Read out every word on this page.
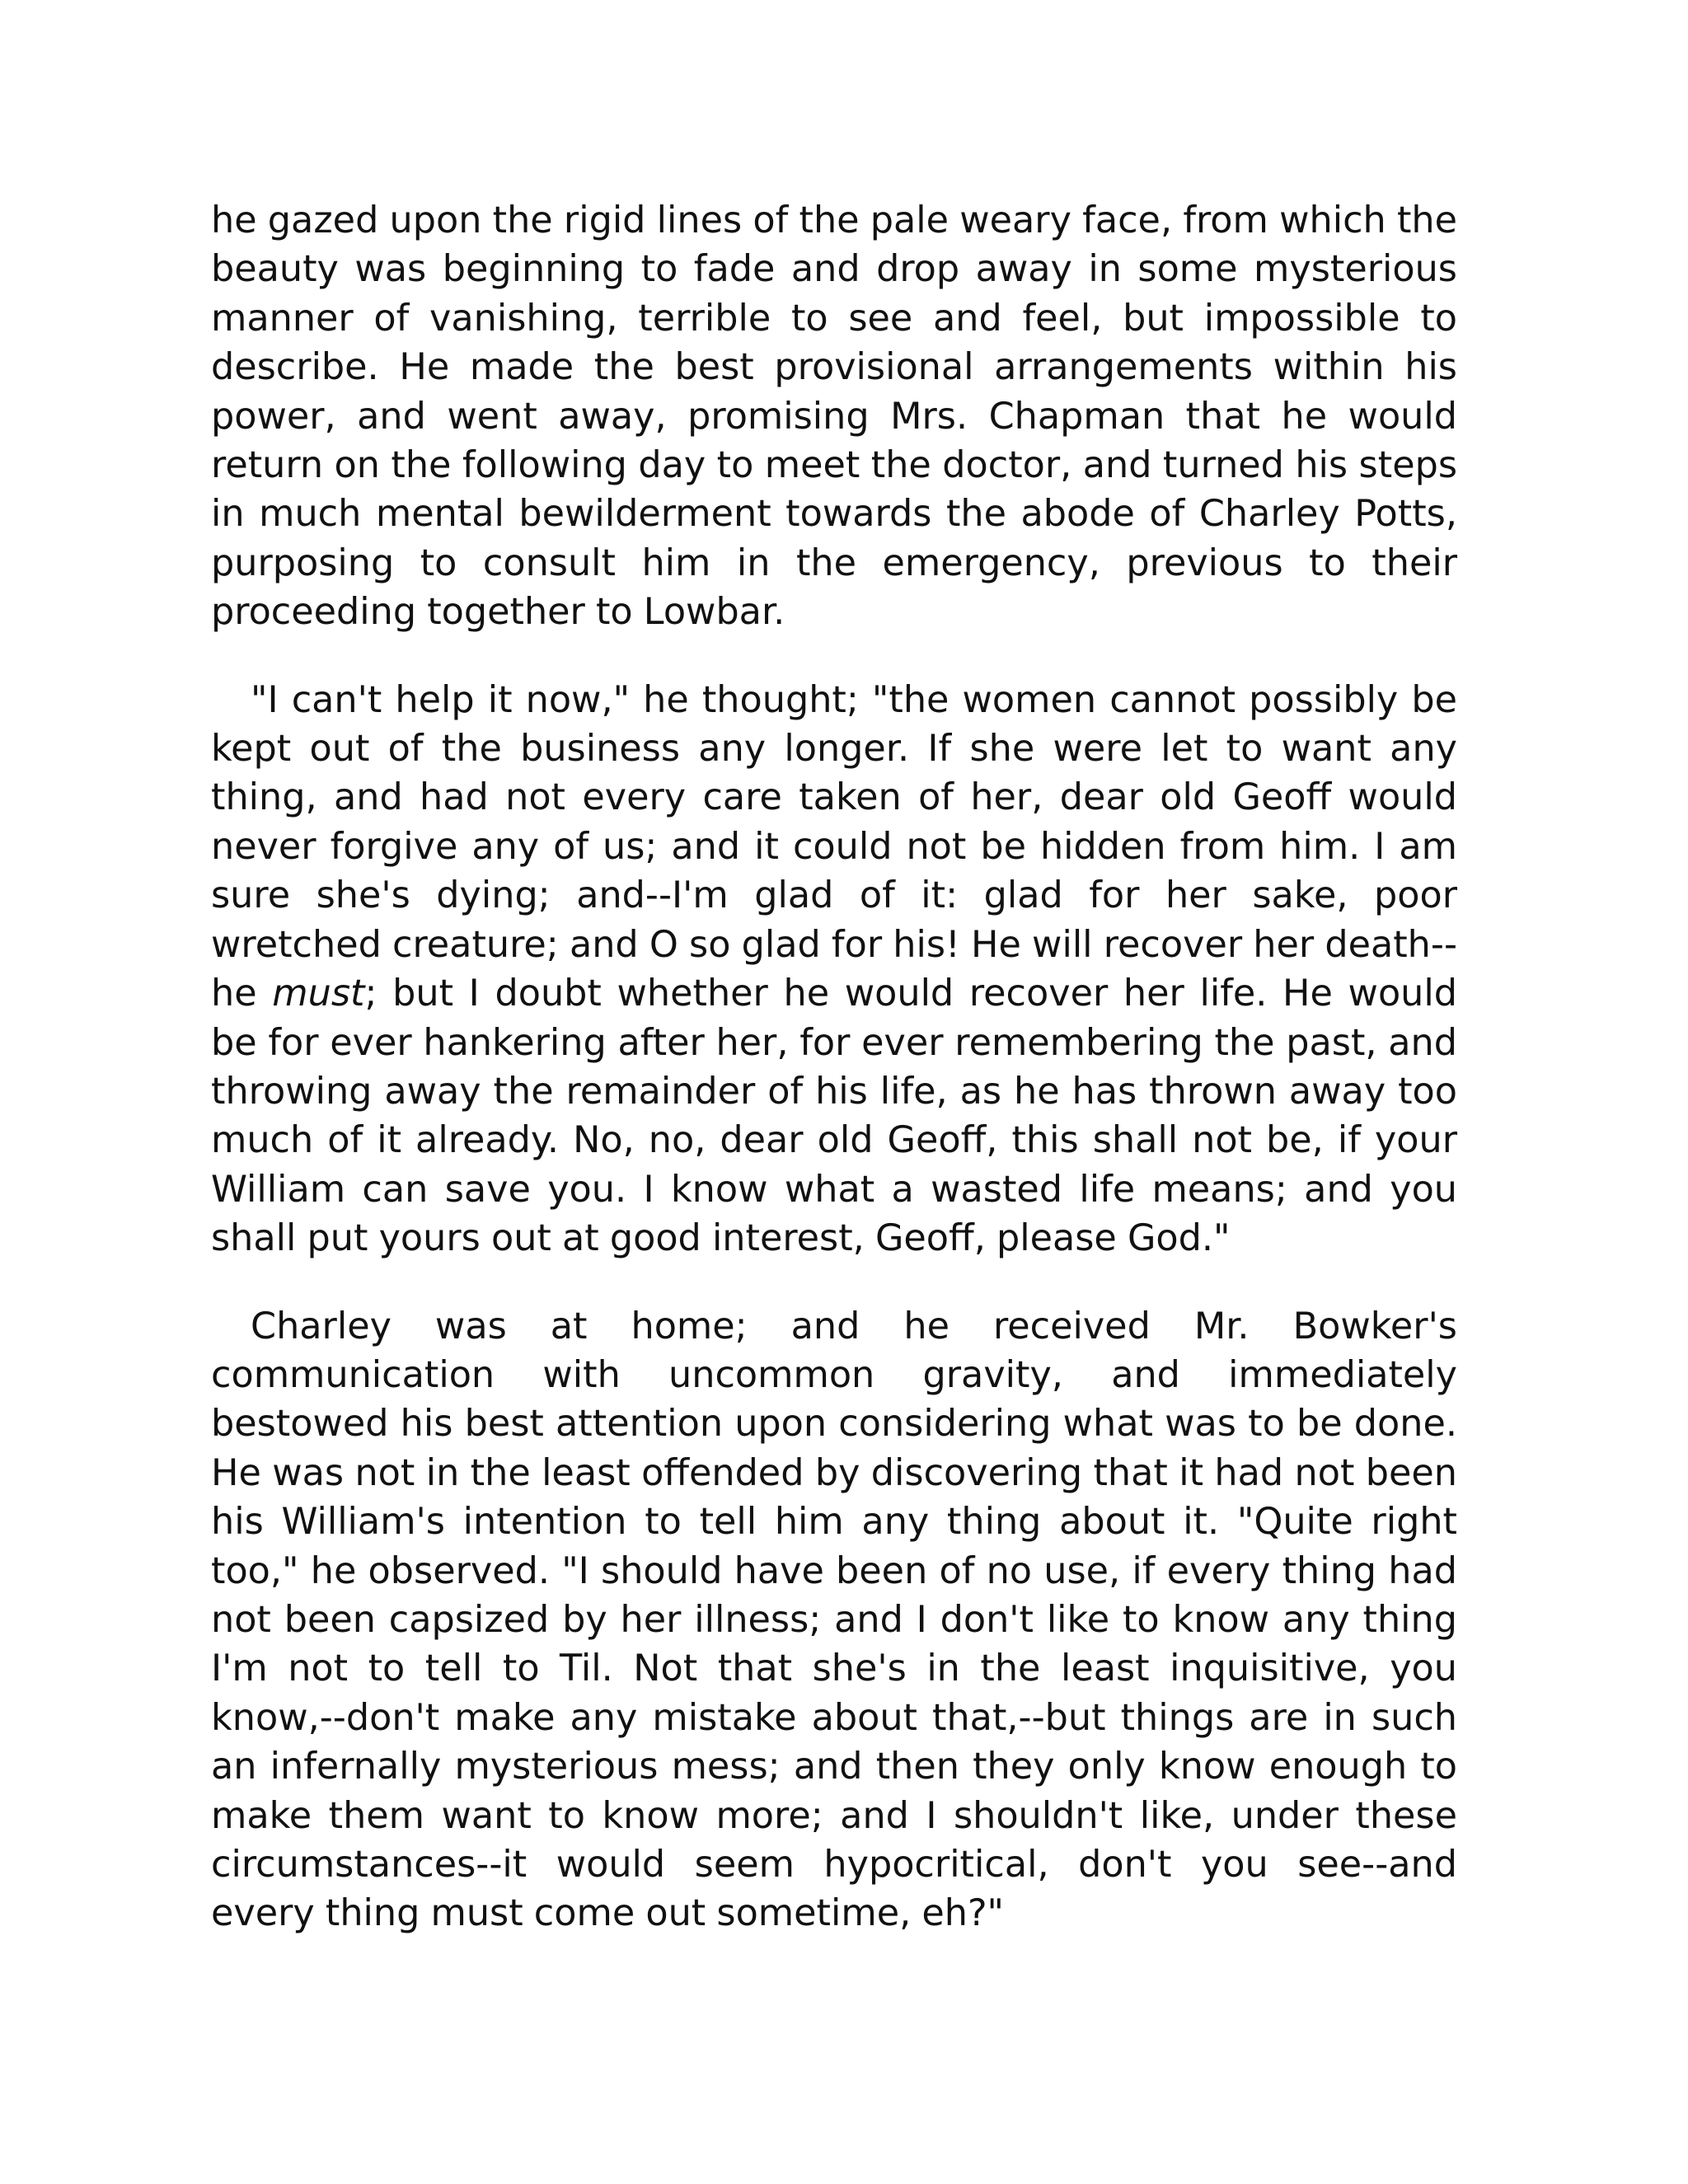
he gazed upon the rigid lines of the pale weary face, from which the beauty was beginning to fade and drop away in some mysterious manner of vanishing, terrible to see and feel, but impossible to describe. He made the best provisional arrangements within his power, and went away, promising Mrs. Chapman that he would return on the following day to meet the doctor, and turned his steps in much mental bewilderment towards the abode of Charley Potts, purposing to consult him in the emergency, previous to their proceeding together to Lowbar.

"I can't help it now," he thought; "the women cannot possibly be kept out of the business any longer. If she were let to want any thing, and had not every care taken of her, dear old Geoff would never forgive any of us; and it could not be hidden from him. I am sure she's dying; and--I'm glad of it: glad for her sake, poor wretched creature; and O so glad for his! He will recover her death--he must; but I doubt whether he would recover her life. He would be for ever hankering after her, for ever remembering the past, and throwing away the remainder of his life, as he has thrown away too much of it already. No, no, dear old Geoff, this shall not be, if your William can save you. I know what a wasted life means; and you shall put yours out at good interest, Geoff, please God."

Charley was at home; and he received Mr. Bowker's communication with uncommon gravity, and immediately bestowed his best attention upon considering what was to be done. He was not in the least offended by discovering that it had not been his William's intention to tell him any thing about it. "Quite right too," he observed. "I should have been of no use, if every thing had not been capsized by her illness; and I don't like to know any thing I'm not to tell to Til. Not that she's in the least inquisitive, you know,--don't make any mistake about that,--but things are in such an infernally mysterious mess; and then they only know enough to make them want to know more; and I shouldn't like, under these circumstances--it would seem hypocritical, don't you see--and every thing must come out sometime, eh?"
